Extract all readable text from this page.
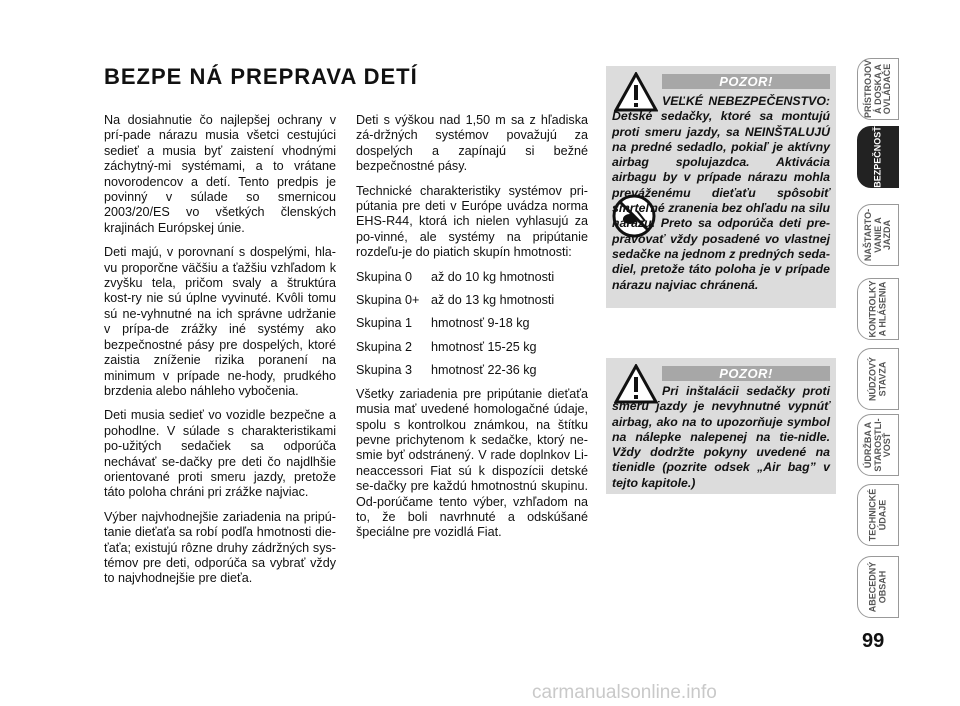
BEZPE NÁ PREPRAVA DETÍ

Na dosiahnutie čo najlepšej ochrany v prí-pade nárazu musia všetci cestujúci sedieť a musia byť zaistení vhodnými záchytný-mi systémami, a to vrátane novorodencov a detí. Tento predpis je povinný v súlade so smernicou 2003/20/ES vo všetkých členských krajinách Európskej únie.

Deti majú, v porovnaní s dospelými, hla-vu proporčne väčšiu a ťažšiu vzhľadom k zvyšku tela, pričom svaly a štruktúra kost-ry nie sú úplne vyvinuté. Kvôli tomu sú ne-vyhnutné na ich správne udržanie v prípa-de zrážky iné systémy ako bezpečnostné pásy pre dospelých, ktoré zaistia zníženie rizika poranení na minimum v prípade ne-hody, prudkého brzdenia alebo náhleho vybočenia.

Deti musia sedieť vo vozidle bezpečne a pohodlne. V súlade s charakteristikami po-užitých sedačiek sa odporúča nechávať se-dačky pre deti čo najdlhšie orientované proti smeru jazdy, pretože táto poloha chráni pri zrážke najviac.

Výber najvhodnejšie zariadenia na pripú-tanie dieťaťa sa robí podľa hmotnosti die-ťaťa; existujú rôzne druhy zádržných sys-témov pre deti, odporúča sa vybrať vždy to najvhodnejšie pre dieťa.

Deti s výškou nad 1,50 m sa z hľadiska zá-držných systémov považujú za dospelých a zapínajú si bežné bezpečnostné pásy.

Technické charakteristiky systémov pri-pútania pre deti v Európe uvádza norma EHS-R44, ktorá ich nielen vyhlasujú za po-vinné, ale systémy na pripútanie rozdeľu-je do piatich skupín hmotnosti:

Skupina 0	až do 10 kg hmotnosti
Skupina 0+ až do 13 kg hmotnosti
Skupina 1	hmotnosť 9-18 kg
Skupina 2	hmotnosť 15-25 kg
Skupina 3	hmotnosť 22-36 kg

Všetky zariadenia pre pripútanie dieťaťa musia mať uvedené homologačné údaje, spolu s kontrolkou známkou, na štítku pevne prichytenom k sedačke, ktorý ne-smie byť odstránený. V rade doplnkov Li-neaccessori Fiat sú k dispozícii detské se-dačky pre každú hmotnostnú skupinu. Od-porúčame tento výber, vzhľadom na to, že boli navrhnuté a odskúšané špeciálne pre vozidlá Fiat.

POZOR!
VEĽKÉ NEBEZPEČENSTVO: Detské sedačky, ktoré sa montujú proti smeru jazdy, sa NEINŠTALUJÚ na predné sedadlo, pokiaľ je aktívny airbag spolujazdca. Aktivácia airbagu by v prípade nárazu mohla preváženému dieťaťu spôsobiť smrteľné zranenia bez ohľadu na silu nárazu. Preto sa odporúča deti pre-pravovať vždy posadené vo vlastnej sedačke na jednom z predných seda-diel, pretože táto poloha je v prípade nárazu najviac chránená.
POZOR!
Pri inštalácii sedačky proti smeru jazdy je nevyhnutné vypnúť airbag, ako na to upozorňuje symbol na nálepke nalepenej na tie-nidle. Vždy dodržte pokyny uvedené na tienidle (pozrite odsek „Air bag” v tejto kapitole.)
PRÍSTROJOV
Á DOSKA A
OVLÁDAČE
BEZPEČNOSŤ
NAŠTARTO-
VANIE A
JAZDA
KONTROLKY
A HLÁSENIA
NÚDZOVÝ
STAVZA
ÚDRŽBA A
STAROSTLI-
VOSŤ
TECHNICKÉ
ÚDAJE
ABECEDNÝ
OBSAH
99
carmanualsonline.info
